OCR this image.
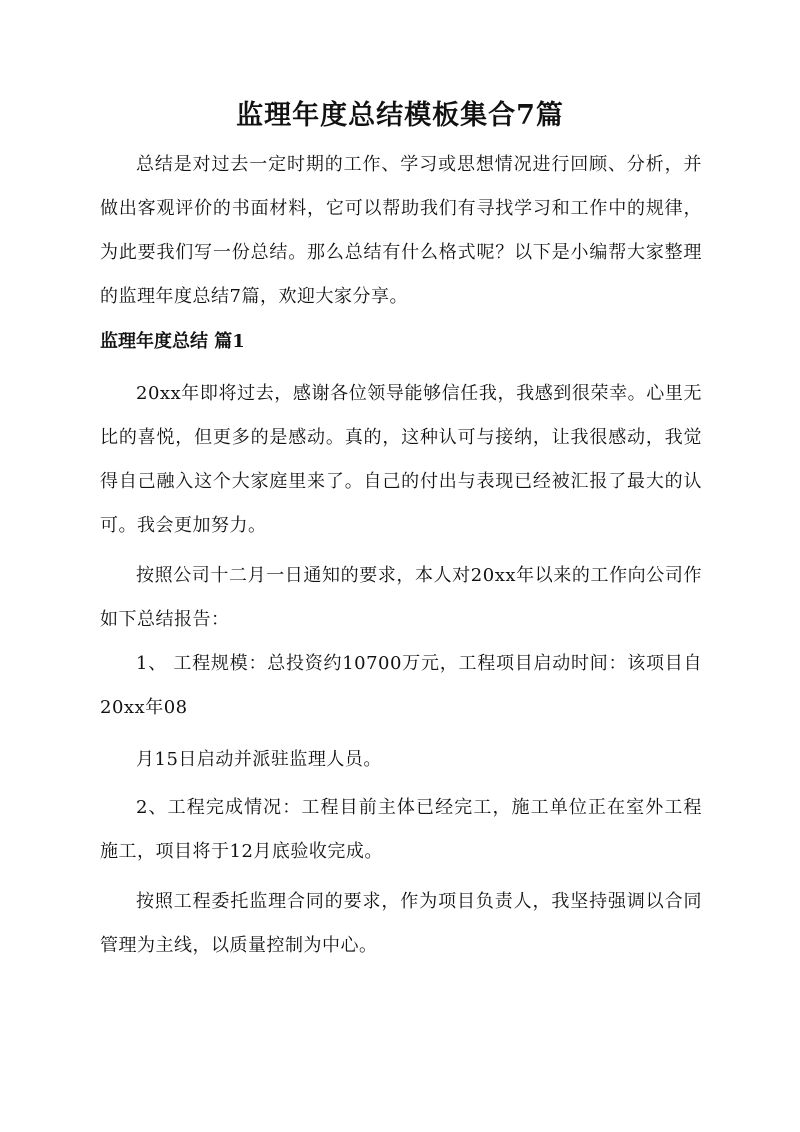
监理年度总结模板集合7篇

总结是对过去一定时期的工作、学习或思想情况进行回顾、分析，并做出客观评价的书面材料，它可以帮助我们有寻找学习和工作中的规律，为此要我们写一份总结。那么总结有什么格式呢？以下是小编帮大家整理的监理年度总结7篇，欢迎大家分享。

监理年度总结 篇1

20xx年即将过去，感谢各位领导能够信任我，我感到很荣幸。心里无比的喜悦，但更多的是感动。真的，这种认可与接纳，让我很感动，我觉得自己融入这个大家庭里来了。自己的付出与表现已经被汇报了最大的认可。我会更加努力。

按照公司十二月一日通知的要求，本人对20xx年以来的工作向公司作如下总结报告：

1、 工程规模：总投资约10700万元，工程项目启动时间：该项目自20xx年08

月15日启动并派驻监理人员。

2、工程完成情况：工程目前主体已经完工，施工单位正在室外工程施工，项目将于12月底验收完成。

按照工程委托监理合同的要求，作为项目负责人，我坚持强调以合同管理为主线，以质量控制为中心。
